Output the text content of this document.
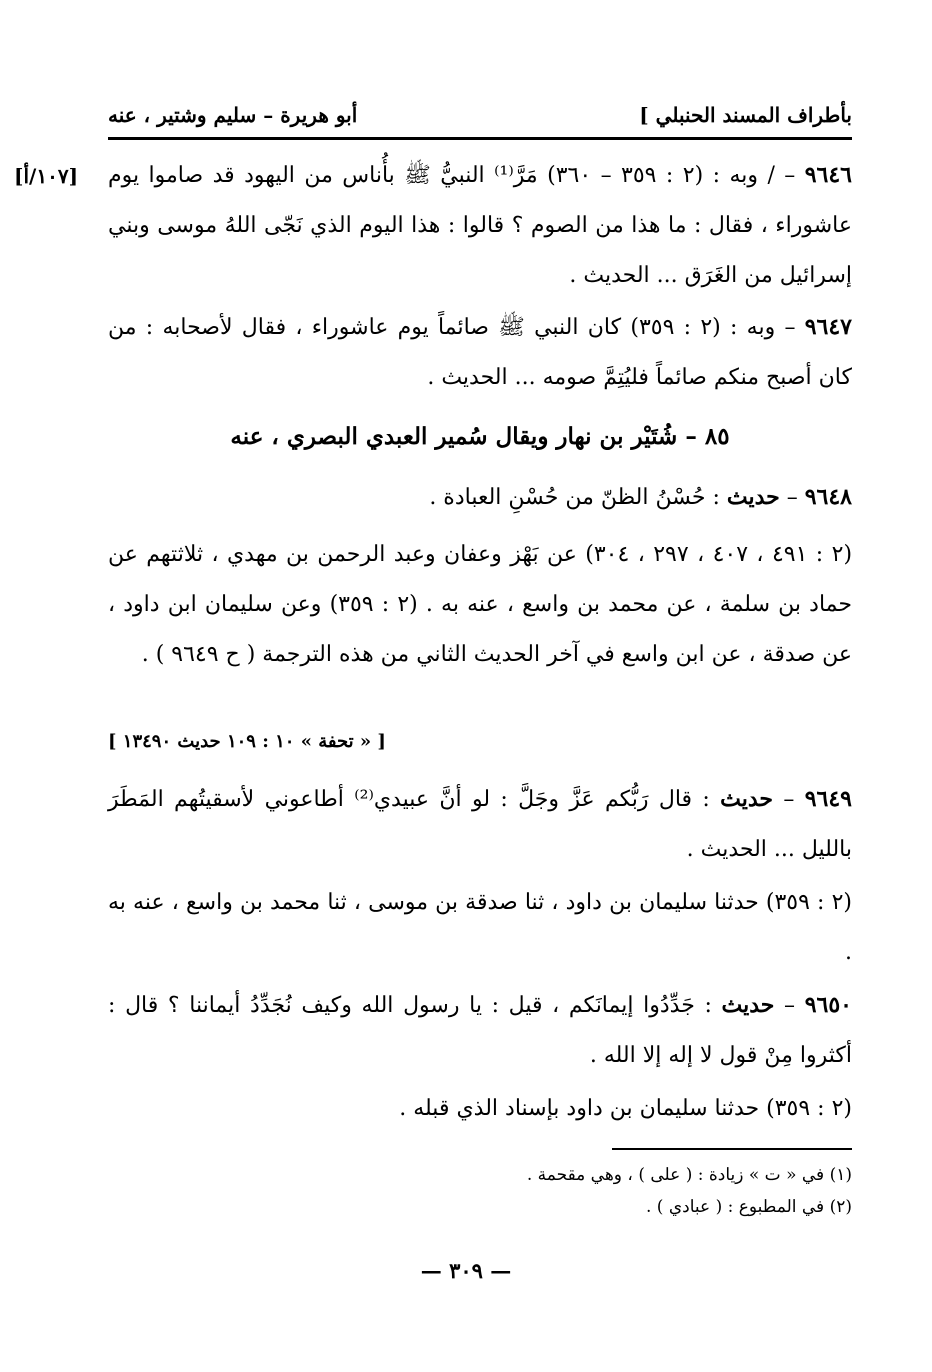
بأطراف المسند الحنبلي ]
أبو هريرة – سليم وشتير ، عنه
[١٠٧/أ]	٩٦٤٦ – / وبه : (٢ : ٣٥٩ – ٣٦٠) مَرَّ⁽¹⁾ النبيُّ ﷺ بأُناس من اليهود قد صاموا يوم عاشوراء ، فقال : ما هذا من الصوم ؟ قالوا : هذا اليوم الذي نَجّى اللهُ موسى وبني إسرائيل من الغَرَق ... الحديث .
٩٦٤٧ – وبه : (٢ : ٣٥٩) كان النبي ﷺ صائماً يوم عاشوراء ، فقال لأصحابه : من كان أصبح منكم صائماً فليُتِمَّ صومه ... الحديث .
٨٥ – شُتَيْر بن نهار ويقال سُمير العبدي البصري ، عنه
٩٦٤٨ – حديث : حُسْنُ الظنّ من حُسْنِ العبادة .
(٢ : ٤٩١ ، ٤٠٧ ، ٢٩٧ ، ٣٠٤) عن بَهْز وعفان وعبد الرحمن بن مهدي ، ثلاثتهم عن حماد بن سلمة ، عن محمد بن واسع ، عنه به . (٢ : ٣٥٩) وعن سليمان ابن داود ، عن صدقة ، عن ابن واسع في آخر الحديث الثاني من هذه الترجمة ( ح ٩٦٤٩ ) .
[ « تحفة » ١٠ : ١٠٩ حديث ١٣٤٩٠ ]
٩٦٤٩ – حديث : قال رَبُّكم عَزَّ وجَلَّ : لو أنَّ عبيدي⁽²⁾ أطاعوني لأسقيتُهم المَطَرَ بالليل ... الحديث .
(٢ : ٣٥٩) حدثنا سليمان بن داود ، ثنا صدقة بن موسى ، ثنا محمد بن واسع ، عنه به .
٩٦٥٠ – حديث : جَدِّدُوا إيمانَكم ، قيل : يا رسول الله وكيف نُجَدِّدُ أيماننا ؟ قال : أكثروا مِنْ قول لا إله إلا الله .
(٢ : ٣٥٩) حدثنا سليمان بن داود بإسناد الذي قبله .
(١) في « ت » زيادة : ( على ) ، وهي مقحمة .
(٢) في المطبوع : ( عبادي ) .
— ٣٠٩ —
